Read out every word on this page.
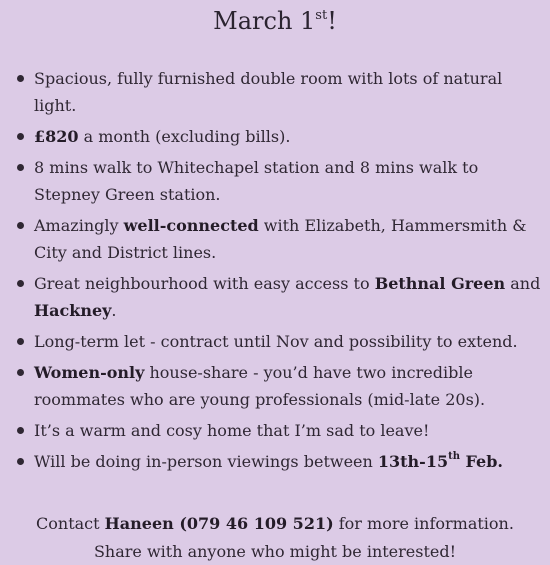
March 1st!
Spacious, fully furnished double room with lots of natural light.
£820 a month (excluding bills).
8 mins walk to Whitechapel station and 8 mins walk to Stepney Green station.
Amazingly well-connected with Elizabeth, Hammersmith & City and District lines.
Great neighbourhood with easy access to Bethnal Green and Hackney.
Long-term let - contract until Nov and possibility to extend.
Women-only house-share - you’d have two incredible roommates who are young professionals (mid-late 20s).
It’s a warm and cosy home that I’m sad to leave!
Will be doing in-person viewings between 13th-15th Feb.
Contact Haneen (079 46 109 521) for more information.
Share with anyone who might be interested!
